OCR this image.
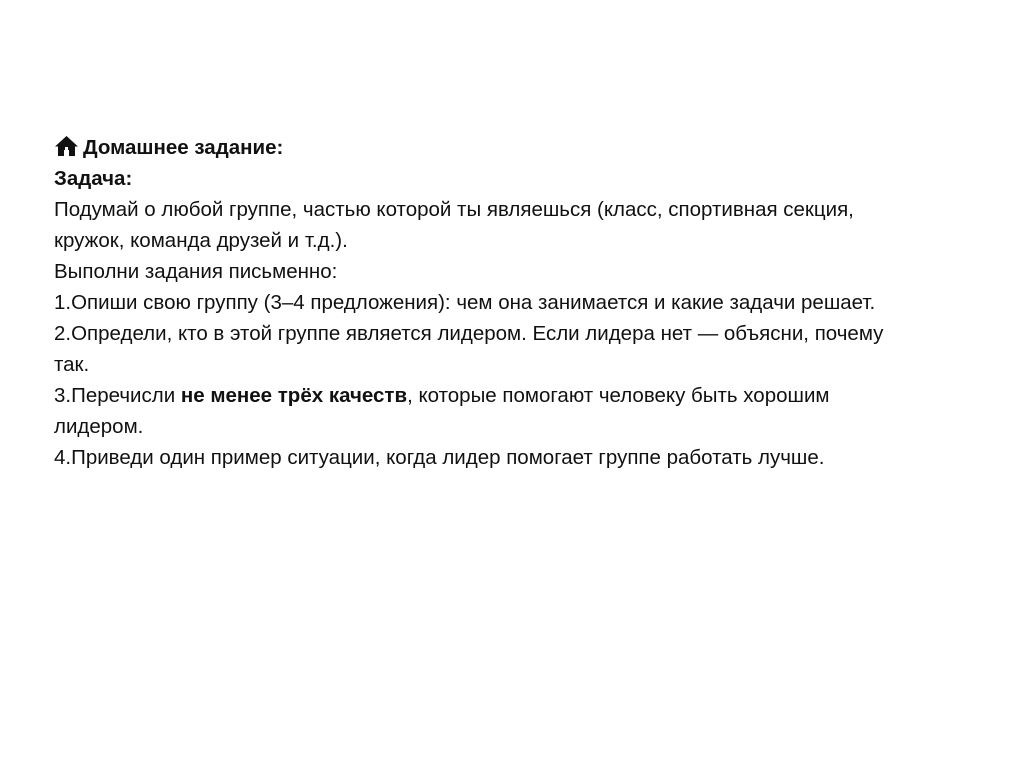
Домашнее задание:
Задача:
Подумай о любой группе, частью которой ты являешься (класс, спортивная секция,
кружок, команда друзей и т.д.).
Выполни задания письменно:
1.Опиши свою группу (3–4 предложения): чем она занимается и какие задачи решает.
2.Определи, кто в этой группе является лидером. Если лидера нет — объясни, почему
так.
3.Перечисли не менее трёх качеств, которые помогают человеку быть хорошим
лидером.
4.Приведи один пример ситуации, когда лидер помогает группе работать лучше.
